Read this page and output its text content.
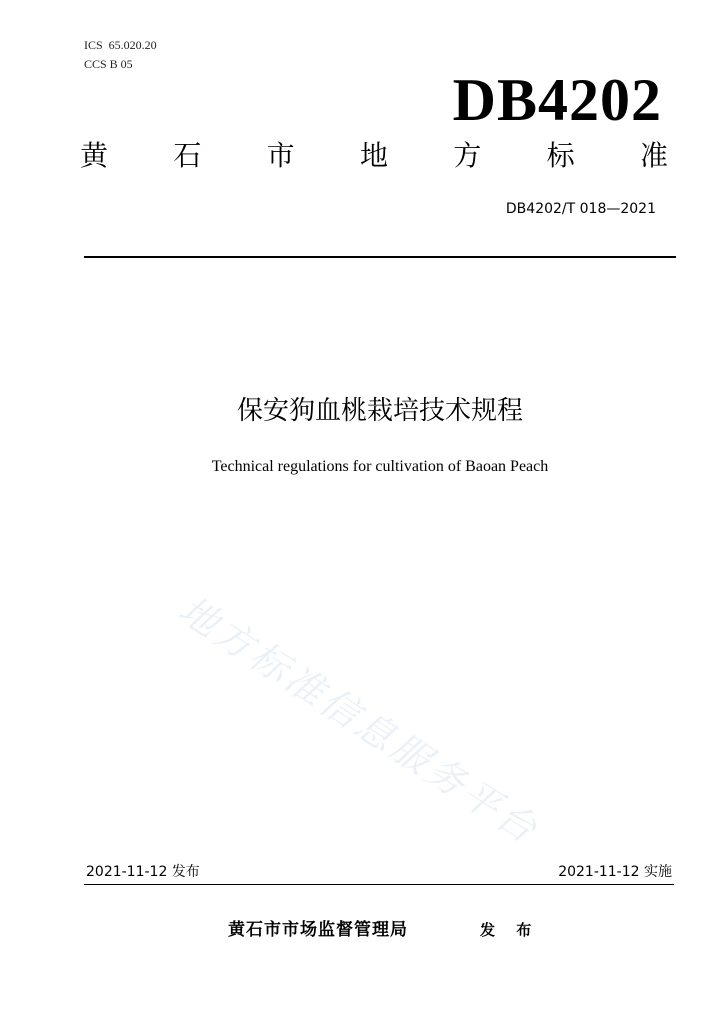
ICS  65.020.20
CCS B 05
DB4202
黄 石 市 地 方 标 准
DB4202/T 018—2021
保安狗血桃栽培技术规程
Technical regulations for cultivation of Baoan Peach
地方标准信息服务平台
2021-11-12 发布	2021-11-12 实施
黄石市市场监督管理局	发 布
